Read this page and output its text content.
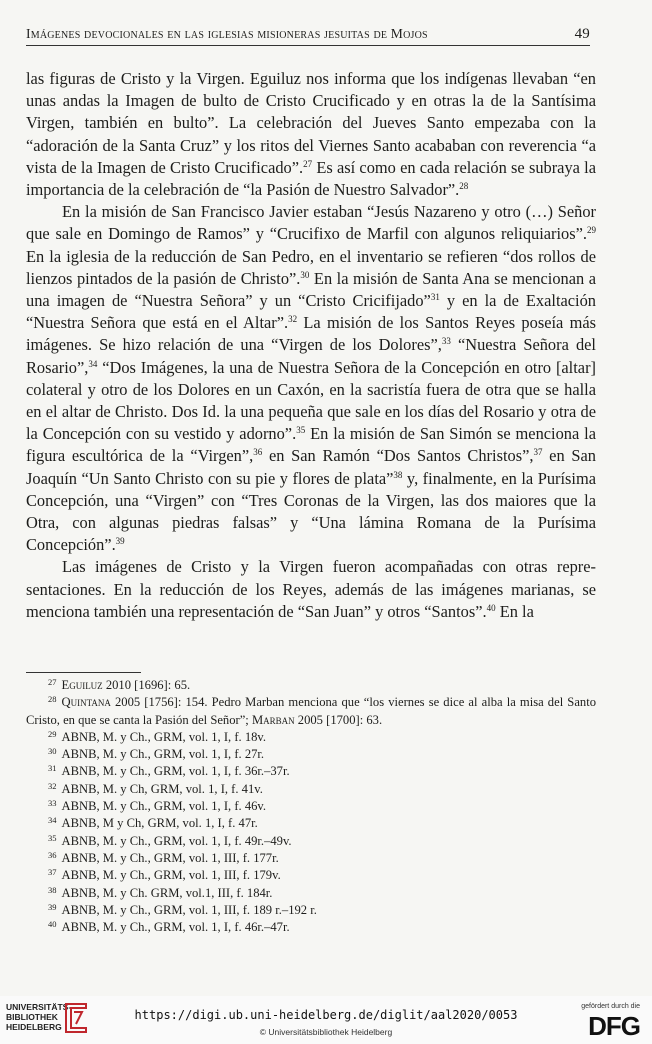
Imágenes devocionales en las iglesias misioneras jesuitas de Mojos	49

las figuras de Cristo y la Virgen. Eguiluz nos informa que los indígenas llevaban “en unas andas la Imagen de bulto de Cristo Crucificado y en otras la de la Santísima Virgen, también en bulto”. La celebración del Jueves Santo empezaba con la “adoración de la Santa Cruz” y los ritos del Viernes Santo acababan con reverencia “a vista de la Imagen de Cristo Crucificado”.$^{27}$ Es así como en cada relación se subraya la importancia de la celebración de “la Pasión de Nuestro Salvador”.$^{28}$

En la misión de San Francisco Javier estaban “Jesús Nazareno y otro (…) Señor que sale en Domingo de Ramos” y “Crucifixo de Marfil con algunos reliquiarios”.$^{29}$ En la iglesia de la reducción de San Pedro, en el inventario se refieren “dos rollos de lienzos pintados de la pasión de Christo”.$^{30}$ En la misión de Santa Ana se mencionan a una imagen de “Nuestra Señora” y un “Cristo Cricifijado”$^{31}$ y en la de Exaltación “Nuestra Señora que está en el Altar”.$^{32}$ La misión de los Santos Reyes poseía más imágenes. Se hizo relación de una “Virgen de los Dolores”,$^{33}$ “Nuestra Señora del Rosario”,$^{34}$ “Dos Imágenes, la una de Nuestra Señora de la Concepción en otro [altar] colateral y otro de los Dolores en un Caxón, en la sacristía fuera de otra que se halla en el altar de Christo. Dos Id. la una pequeña que sale en los días del Rosario y otra de la Concepción con su vestido y adorno”.$^{35}$ En la misión de San Simón se menciona la figura escultórica de la “Virgen”,$^{36}$ en San Ramón “Dos Santos Christos”,$^{37}$ en San Joaquín “Un Santo Christo con su pie y flores de plata”$^{38}$ y, finalmente, en la Purísima Concepción, una “Virgen” con “Tres Coronas de la Virgen, las dos maiores que la Otra, con algunas piedras falsas” y “Una lámina Romana de la Purísima Concepción”.$^{39}$

Las imágenes de Cristo y la Virgen fueron acompañadas con otras representaciones. En la reducción de los Reyes, además de las imágenes marianas, se menciona también una representación de “San Juan” y otros “Santos”.$^{40}$ En la

$^{27}$ Eguiluz 2010 [1696]: 65.

$^{28}$ Quintana 2005 [1756]: 154. Pedro Marban menciona que “los viernes se dice al alba la misa del Santo Cristo, en que se canta la Pasión del Señor”; Marban 2005 [1700]: 63.

$^{29}$ ABNB, M. y Ch., GRM, vol. 1, I, f. 18v.

$^{30}$ ABNB, M. y Ch., GRM, vol. 1, I, f. 27r.

$^{31}$ ABNB, M. y Ch., GRM, vol. 1, I, f. 36r.–37r.

$^{32}$ ABNB, M. y Ch, GRM, vol. 1, I, f. 41v.

$^{33}$ ABNB, M. y Ch., GRM, vol. 1, I, f. 46v.

$^{34}$ ABNB, M y Ch, GRM, vol. 1, I, f. 47r.

$^{35}$ ABNB, M. y Ch., GRM, vol. 1, I, f. 49r.–49v.

$^{36}$ ABNB, M. y Ch., GRM, vol. 1, III, f. 177r.

$^{37}$ ABNB, M. y Ch., GRM, vol. 1, III, f. 179v.

$^{38}$ ABNB, M. y Ch. GRM, vol.1, III, f. 184r.

$^{39}$ ABNB, M. y Ch., GRM, vol. 1, III, f. 189 r.–192 r.

$^{40}$ ABNB, M. y Ch., GRM, vol. 1, I, f. 46r.–47r.

UNIVERSITÄTS-
BIBLIOTHEK
HEIDELBERG
https://digi.ub.uni-heidelberg.de/diglit/aal2020/0053
© Universitätsbibliothek Heidelberg
gefördert durch die
DFG
